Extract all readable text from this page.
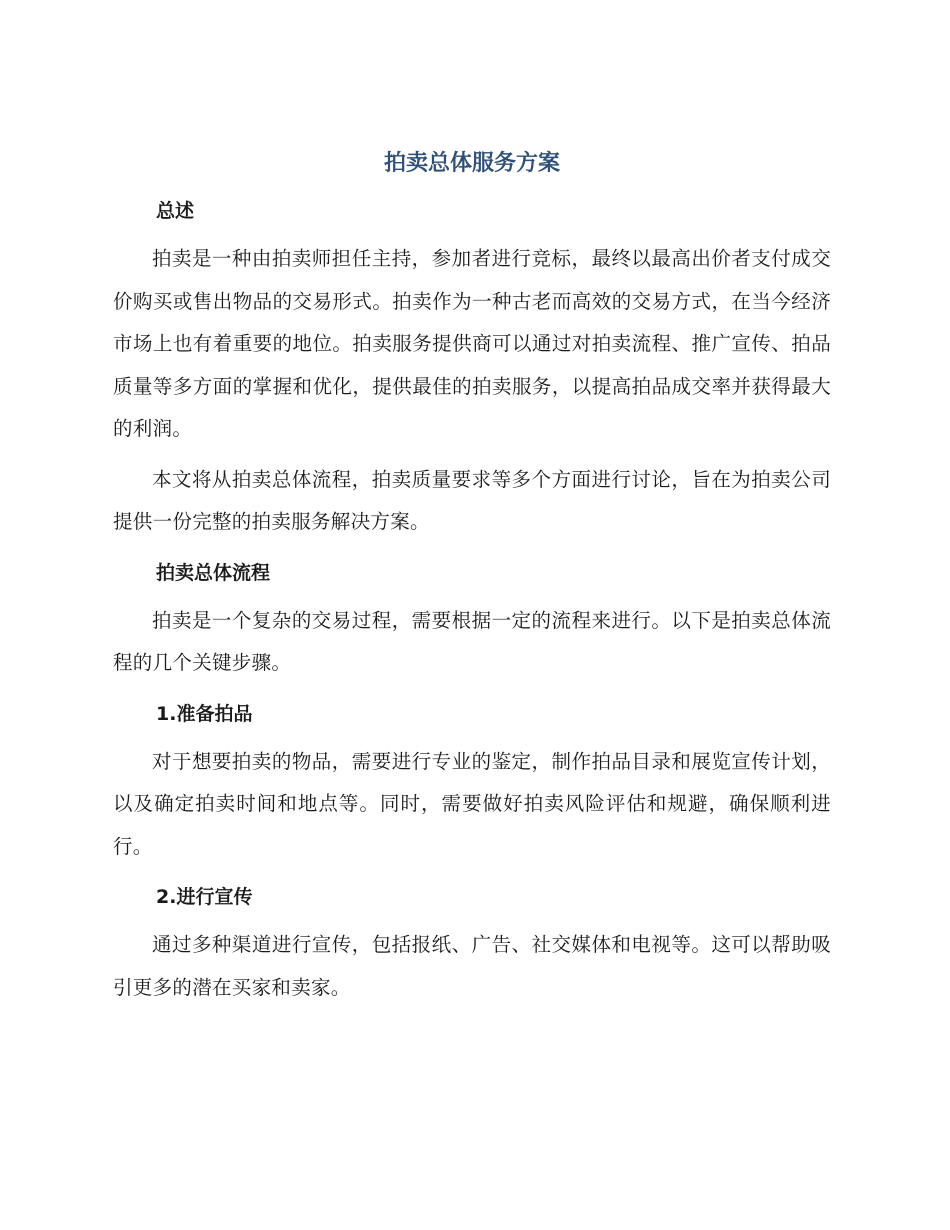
拍卖总体服务方案
总述

拍卖是一种由拍卖师担任主持，参加者进行竞标，最终以最高出价者支付成交价购买或售出物品的交易形式。拍卖作为一种古老而高效的交易方式，在当今经济市场上也有着重要的地位。拍卖服务提供商可以通过对拍卖流程、推广宣传、拍品质量等多方面的掌握和优化，提供最佳的拍卖服务，以提高拍品成交率并获得最大的利润。

本文将从拍卖总体流程，拍卖质量要求等多个方面进行讨论，旨在为拍卖公司提供一份完整的拍卖服务解决方案。

拍卖总体流程

拍卖是一个复杂的交易过程，需要根据一定的流程来进行。以下是拍卖总体流程的几个关键步骤。

1.准备拍品

对于想要拍卖的物品，需要进行专业的鉴定，制作拍品目录和展览宣传计划，以及确定拍卖时间和地点等。同时，需要做好拍卖风险评估和规避，确保顺利进行。

2.进行宣传

通过多种渠道进行宣传，包括报纸、广告、社交媒体和电视等。这可以帮助吸引更多的潜在买家和卖家。
